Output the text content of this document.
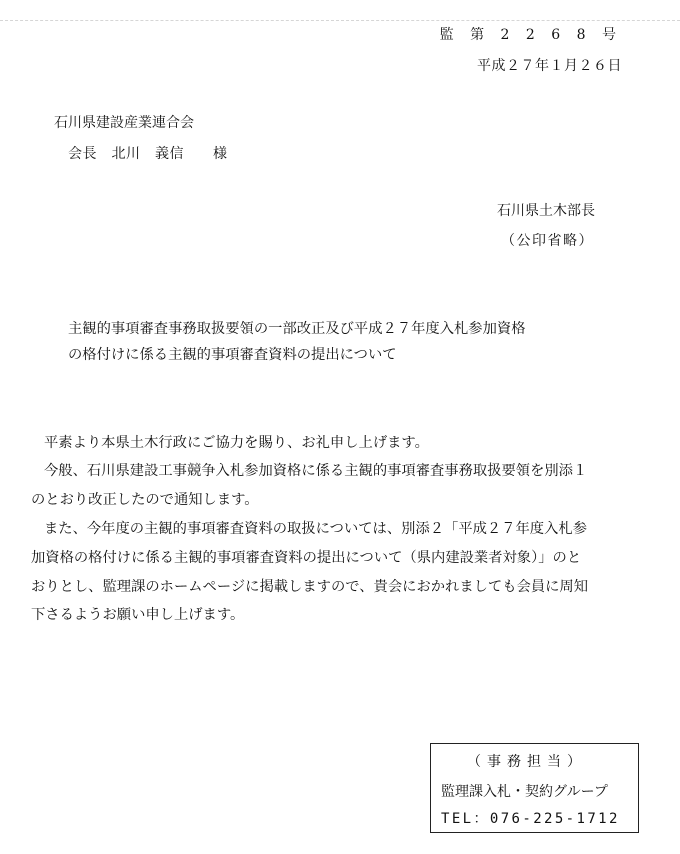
監 第 2 2 6 8 号
平成２７年１月２６日
石川県建設産業連合会
会長　北川　義信　　様
石川県土木部長
（公印省略）
主観的事項審査事務取扱要領の一部改正及び平成２７年度入札参加資格
の格付けに係る主観的事項審査資料の提出について

平素より本県土木行政にご協力を賜り、お礼申し上げます。

今般、石川県建設工事競争入札参加資格に係る主観的事項審査事務取扱要領を別添１

のとおり改正したので通知します。

また、今年度の主観的事項審査資料の取扱については、別添２「平成２７年度入札参

加資格の格付けに係る主観的事項審査資料の提出について（県内建設業者対象）」のと

おりとし、監理課のホームページに掲載しますので、貴会におかれましても会員に周知

下さるようお願い申し上げます。

（事務担当）
監理課入札・契約グループ
TEL：076-225-1712
